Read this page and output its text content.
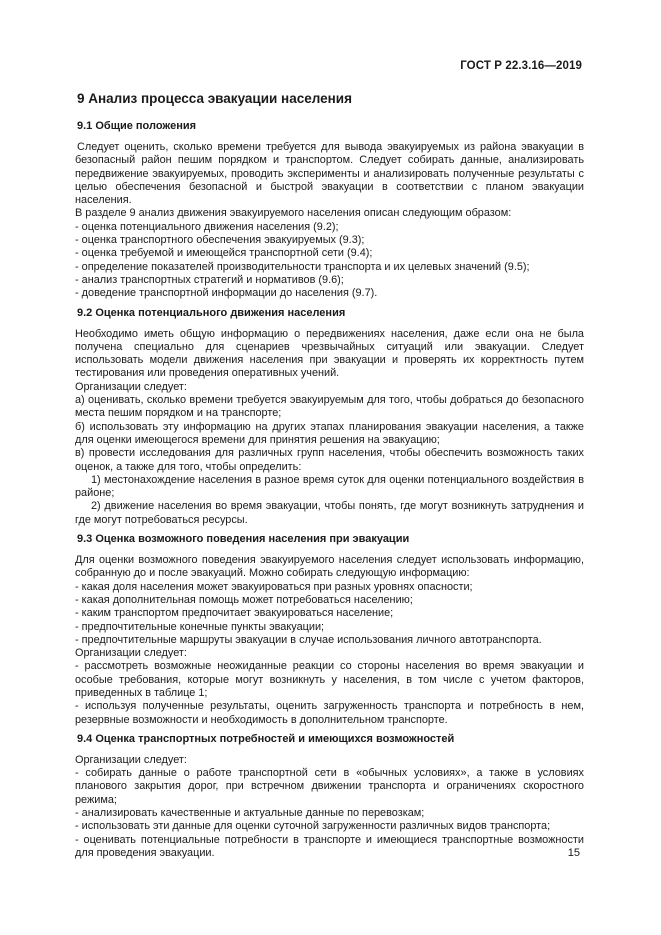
ГОСТ Р 22.3.16—2019
9 Анализ процесса эвакуации населения
9.1 Общие положения

Следует оценить, сколько времени требуется для вывода эвакуируемых из района эвакуации в безопасный район пешим порядком и транспортом. Следует собирать данные, анализировать передвижение эвакуируемых, проводить эксперименты и анализировать полученные результаты с целью обеспечения безопасной и быстрой эвакуации в соответствии с планом эвакуации населения.

В разделе 9 анализ движения эвакуируемого населения описан следующим образом:

- оценка потенциального движения населения (9.2);

- оценка транспортного обеспечения эвакуируемых (9.3);

- оценка требуемой и имеющейся транспортной сети (9.4);

- определение показателей производительности транспорта и их целевых значений (9.5);

- анализ транспортных стратегий и нормативов (9.6);

- доведение транспортной информации до населения (9.7).

9.2 Оценка потенциального движения населения

Необходимо иметь общую информацию о передвижениях населения, даже если она не была получена специально для сценариев чрезвычайных ситуаций или эвакуации. Следует использовать модели движения населения при эвакуации и проверять их корректность путем тестирования или проведения оперативных учений.

Организации следует:

а) оценивать, сколько времени требуется эвакуируемым для того, чтобы добраться до безопасного места пешим порядком и на транспорте;

б) использовать эту информацию на других этапах планирования эвакуации населения, а также для оценки имеющегося времени для принятия решения на эвакуацию;

в) провести исследования для различных групп населения, чтобы обеспечить возможность таких оценок, а также для того, чтобы определить:

1) местонахождение населения в разное время суток для оценки потенциального воздействия в районе;

2) движение населения во время эвакуации, чтобы понять, где могут возникнуть затруднения и где могут потребоваться ресурсы.

9.3 Оценка возможного поведения населения при эвакуации

Для оценки возможного поведения эвакуируемого населения следует использовать информацию, собранную до и после эвакуаций. Можно собирать следующую информацию:

- какая доля населения может эвакуироваться при разных уровнях опасности;

- какая дополнительная помощь может потребоваться населению;

- каким транспортом предпочитает эвакуироваться население;

- предпочтительные конечные пункты эвакуации;

- предпочтительные маршруты эвакуации в случае использования личного автотранспорта.

Организации следует:

- рассмотреть возможные неожиданные реакции со стороны населения во время эвакуации и особые требования, которые могут возникнуть у населения, в том числе с учетом факторов, приведенных в таблице 1;

- используя полученные результаты, оценить загруженность транспорта и потребность в нем, резервные возможности и необходимость в дополнительном транспорте.

9.4 Оценка транспортных потребностей и имеющихся возможностей

Организации следует:

- собирать данные о работе транспортной сети в «обычных условиях», а также в условиях планового закрытия дорог, при встречном движении транспорта и ограничениях скоростного режима;

- анализировать качественные и актуальные данные по перевозкам;

- использовать эти данные для оценки суточной загруженности различных видов транспорта;

- оценивать потенциальные потребности в транспорте и имеющиеся транспортные возможности для проведения эвакуации.	15
